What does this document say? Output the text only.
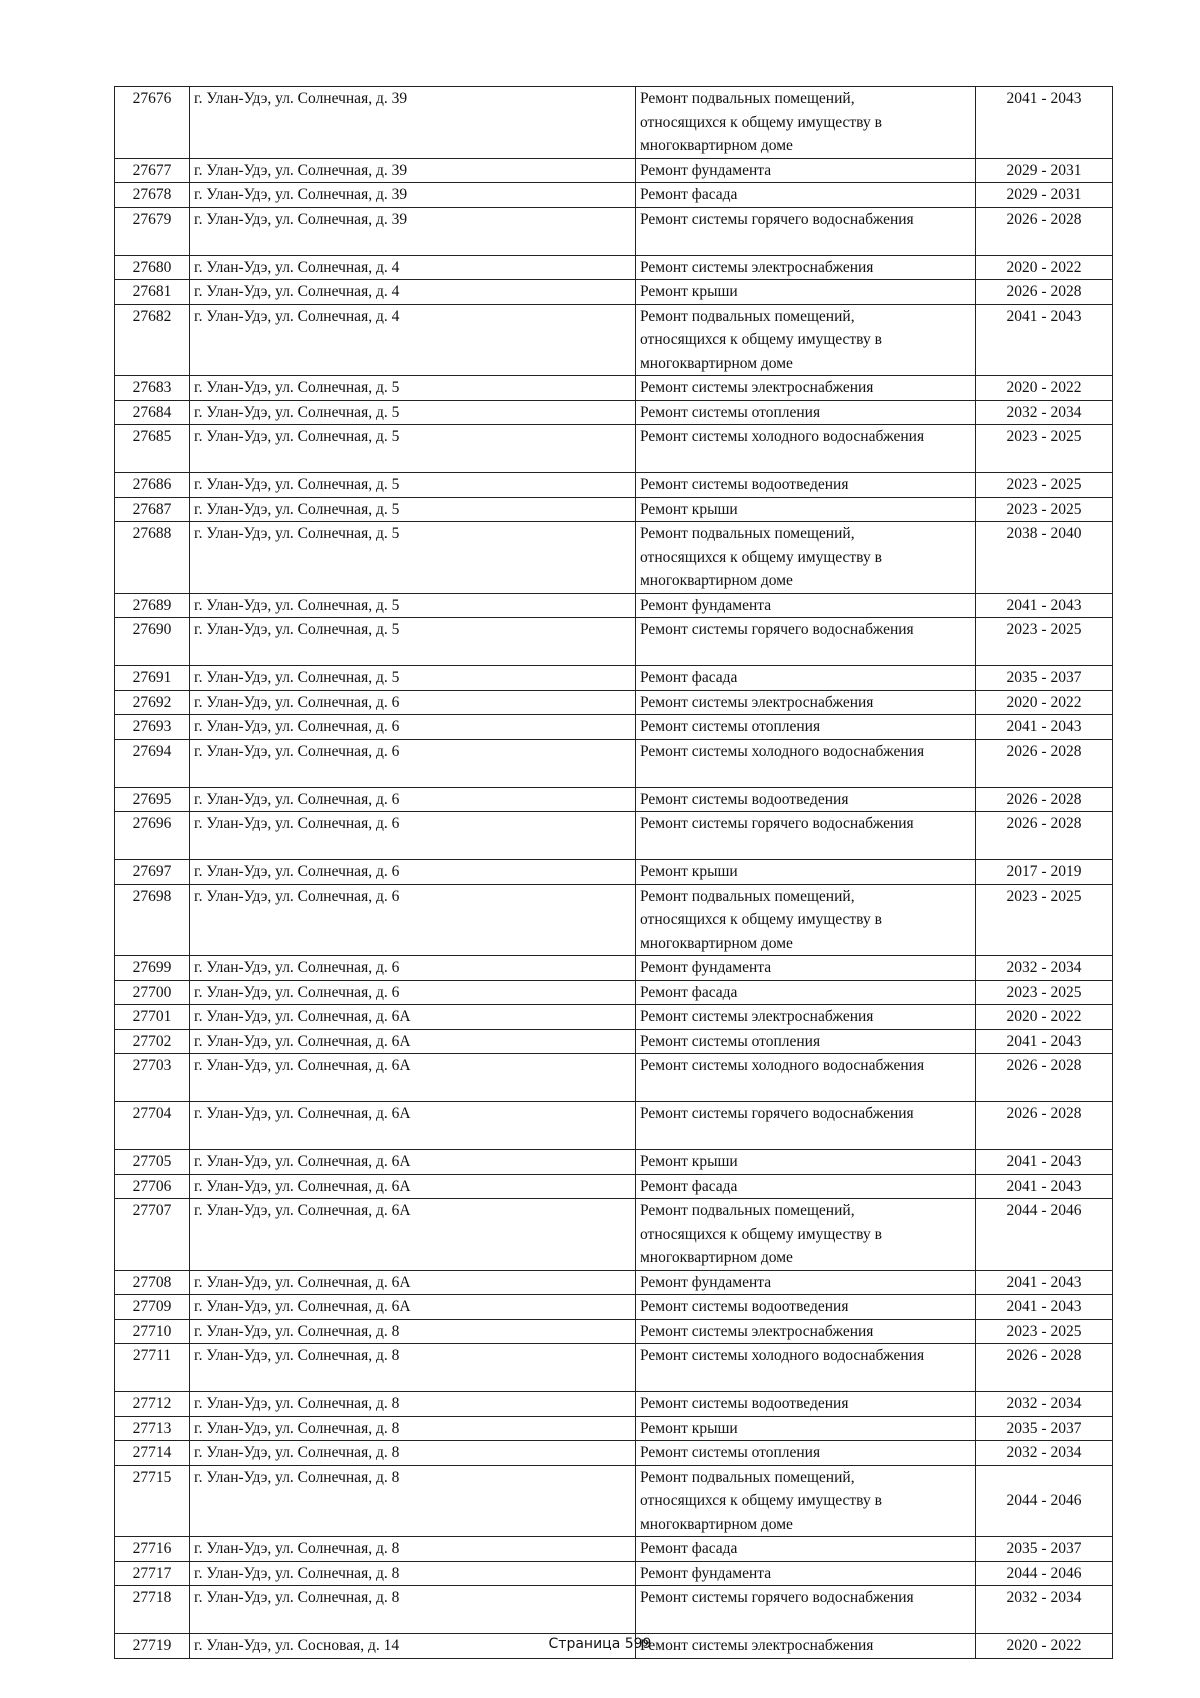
27676	г. Улан-Удэ, ул. Солнечная, д. 39	Ремонт подвальных помещений,
относящихся к общему имуществу в
многоквартирном доме	2041 - 2043
27677	г. Улан-Удэ, ул. Солнечная, д. 39	Ремонт фундамента	2029 - 2031
27678	г. Улан-Удэ, ул. Солнечная, д. 39	Ремонт фасада	2029 - 2031
27679	г. Улан-Удэ, ул. Солнечная, д. 39	Ремонт системы горячего водоснабжения	2026 - 2028
27680	г. Улан-Удэ, ул. Солнечная, д. 4	Ремонт системы электроснабжения	2020 - 2022
27681	г. Улан-Удэ, ул. Солнечная, д. 4	Ремонт крыши	2026 - 2028
27682	г. Улан-Удэ, ул. Солнечная, д. 4	Ремонт подвальных помещений,
относящихся к общему имуществу в
многоквартирном доме	2041 - 2043
27683	г. Улан-Удэ, ул. Солнечная, д. 5	Ремонт системы электроснабжения	2020 - 2022
27684	г. Улан-Удэ, ул. Солнечная, д. 5	Ремонт системы отопления	2032 - 2034
27685	г. Улан-Удэ, ул. Солнечная, д. 5	Ремонт системы холодного водоснабжения	2023 - 2025
27686	г. Улан-Удэ, ул. Солнечная, д. 5	Ремонт системы водоотведения	2023 - 2025
27687	г. Улан-Удэ, ул. Солнечная, д. 5	Ремонт крыши	2023 - 2025
27688	г. Улан-Удэ, ул. Солнечная, д. 5	Ремонт подвальных помещений,
относящихся к общему имуществу в
многоквартирном доме	2038 - 2040
27689	г. Улан-Удэ, ул. Солнечная, д. 5	Ремонт фундамента	2041 - 2043
27690	г. Улан-Удэ, ул. Солнечная, д. 5	Ремонт системы горячего водоснабжения	2023 - 2025
27691	г. Улан-Удэ, ул. Солнечная, д. 5	Ремонт фасада	2035 - 2037
27692	г. Улан-Удэ, ул. Солнечная, д. 6	Ремонт системы электроснабжения	2020 - 2022
27693	г. Улан-Удэ, ул. Солнечная, д. 6	Ремонт системы отопления	2041 - 2043
27694	г. Улан-Удэ, ул. Солнечная, д. 6	Ремонт системы холодного водоснабжения	2026 - 2028
27695	г. Улан-Удэ, ул. Солнечная, д. 6	Ремонт системы водоотведения	2026 - 2028
27696	г. Улан-Удэ, ул. Солнечная, д. 6	Ремонт системы горячего водоснабжения	2026 - 2028
27697	г. Улан-Удэ, ул. Солнечная, д. 6	Ремонт крыши	2017 - 2019
27698	г. Улан-Удэ, ул. Солнечная, д. 6	Ремонт подвальных помещений,
относящихся к общему имуществу в
многоквартирном доме	2023 - 2025
27699	г. Улан-Удэ, ул. Солнечная, д. 6	Ремонт фундамента	2032 - 2034
27700	г. Улан-Удэ, ул. Солнечная, д. 6	Ремонт фасада	2023 - 2025
27701	г. Улан-Удэ, ул. Солнечная, д. 6А	Ремонт системы электроснабжения	2020 - 2022
27702	г. Улан-Удэ, ул. Солнечная, д. 6А	Ремонт системы отопления	2041 - 2043
27703	г. Улан-Удэ, ул. Солнечная, д. 6А	Ремонт системы холодного водоснабжения	2026 - 2028
27704	г. Улан-Удэ, ул. Солнечная, д. 6А	Ремонт системы горячего водоснабжения	2026 - 2028
27705	г. Улан-Удэ, ул. Солнечная, д. 6А	Ремонт крыши	2041 - 2043
27706	г. Улан-Удэ, ул. Солнечная, д. 6А	Ремонт фасада	2041 - 2043
27707	г. Улан-Удэ, ул. Солнечная, д. 6А	Ремонт подвальных помещений,
относящихся к общему имуществу в
многоквартирном доме	2044 - 2046
27708	г. Улан-Удэ, ул. Солнечная, д. 6А	Ремонт фундамента	2041 - 2043
27709	г. Улан-Удэ, ул. Солнечная, д. 6А	Ремонт системы водоотведения	2041 - 2043
27710	г. Улан-Удэ, ул. Солнечная, д. 8	Ремонт системы электроснабжения	2023 - 2025
27711	г. Улан-Удэ, ул. Солнечная, д. 8	Ремонт системы холодного водоснабжения	2026 - 2028
27712	г. Улан-Удэ, ул. Солнечная, д. 8	Ремонт системы водоотведения	2032 - 2034
27713	г. Улан-Удэ, ул. Солнечная, д. 8	Ремонт крыши	2035 - 2037
27714	г. Улан-Удэ, ул. Солнечная, д. 8	Ремонт системы отопления	2032 - 2034
27715	г. Улан-Удэ, ул. Солнечная, д. 8	Ремонт подвальных помещений,
относящихся к общему имуществу в
многоквартирном доме	2044 - 2046
27716	г. Улан-Удэ, ул. Солнечная, д. 8	Ремонт фасада	2035 - 2037
27717	г. Улан-Удэ, ул. Солнечная, д. 8	Ремонт фундамента	2044 - 2046
27718	г. Улан-Удэ, ул. Солнечная, д. 8	Ремонт системы горячего водоснабжения	2032 - 2034
27719	г. Улан-Удэ, ул. Сосновая, д. 14	Ремонт системы электроснабжения	2020 - 2022
Страница 599
